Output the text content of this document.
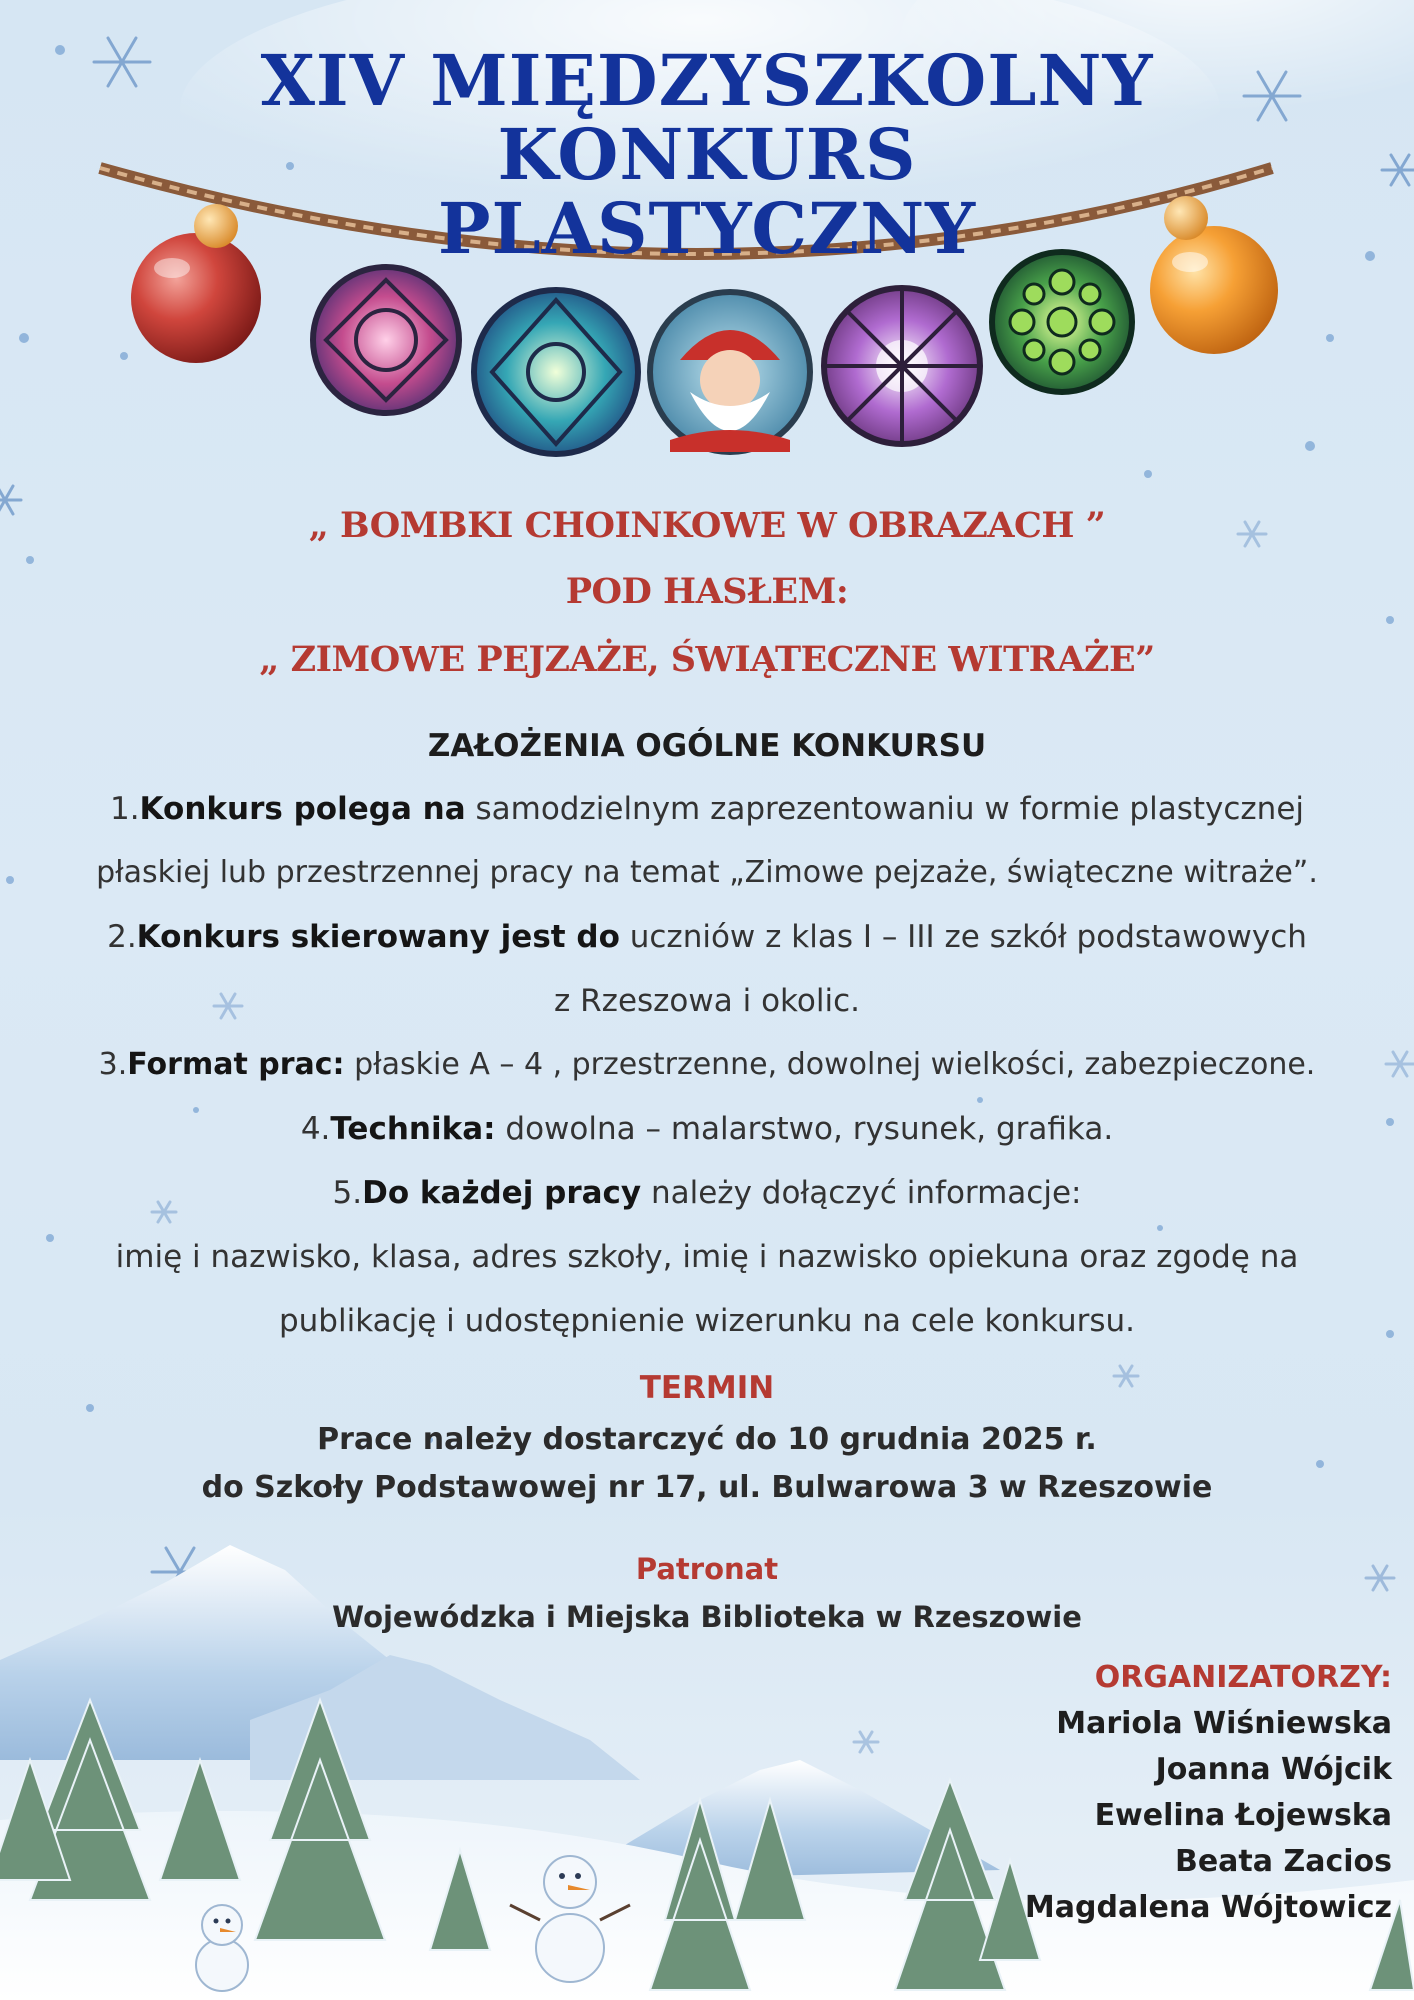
XIV MIĘDZYSZKOLNY
KONKURS
PLASTYCZNY
„ BOMBKI CHOINKOWE W OBRAZACH ”
POD HASŁEM:
„ ZIMOWE PEJZAŻE, ŚWIĄTECZNE WITRAŻE”
ZAŁOŻENIA OGÓLNE KONKURSU
1.Konkurs polega na samodzielnym zaprezentowaniu w formie plastycznej
płaskiej lub przestrzennej pracy na temat „Zimowe pejzaże, świąteczne witraże”.
2.Konkurs skierowany jest do uczniów z klas I – III ze szkół podstawowych
z Rzeszowa i okolic.
3.Format prac: płaskie A – 4 , przestrzenne, dowolnej wielkości, zabezpieczone.
4.Technika: dowolna – malarstwo, rysunek, grafika.
5.Do każdej pracy należy dołączyć informacje:
imię i nazwisko, klasa, adres szkoły, imię i nazwisko opiekuna oraz zgodę na
publikację i udostępnienie wizerunku na cele konkursu.
TERMIN
Prace należy dostarczyć do 10 grudnia 2025 r.
do Szkoły Podstawowej nr 17, ul. Bulwarowa 3 w Rzeszowie
Patronat
Wojewódzka i Miejska Biblioteka w Rzeszowie
ORGANIZATORZY:
Mariola Wiśniewska
Joanna Wójcik
Ewelina Łojewska
Beata Zacios
Magdalena Wójtowicz
